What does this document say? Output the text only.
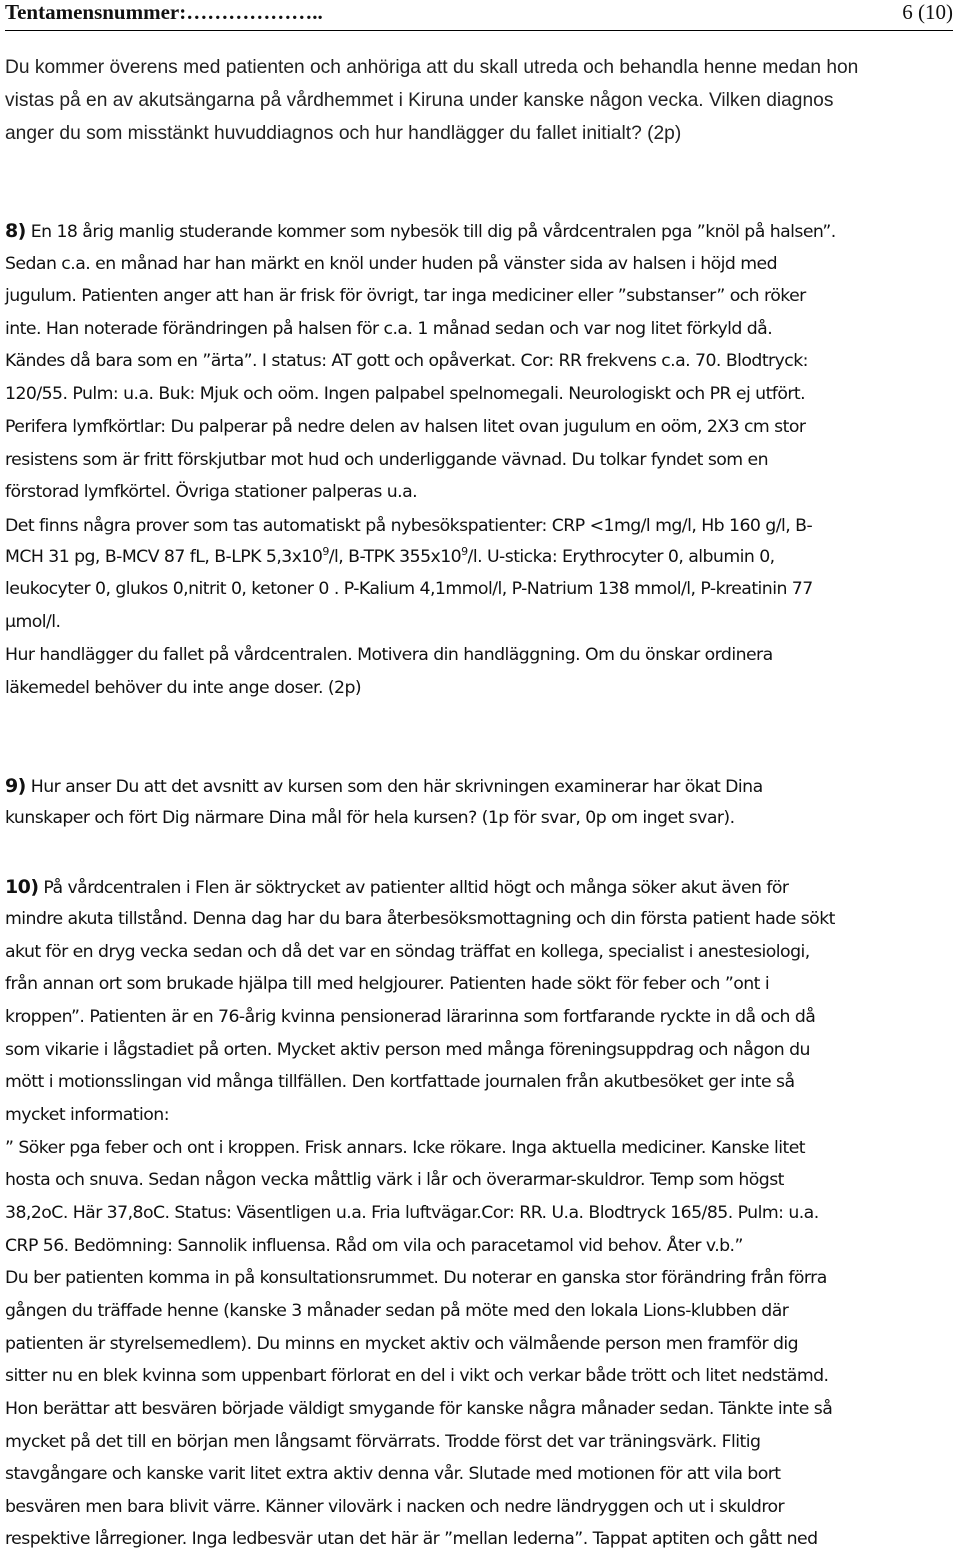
Tentamensnummer:………………..	6 (10)
Du kommer överens med patienten och anhöriga att du skall utreda och behandla henne medan hon
vistas på en av akutsängarna på vårdhemmet i Kiruna under kanske någon vecka. Vilken diagnos
anger du som misstänkt huvuddiagnos och hur handlägger du fallet initialt? (2p)
8) En 18 årig manlig studerande kommer som nybesök till dig på vårdcentralen pga ”knöl på halsen”.
Sedan c.a. en månad har han märkt en knöl under huden på vänster sida av halsen i höjd med
jugulum. Patienten anger att han är frisk för övrigt, tar inga mediciner eller ”substanser” och röker
inte. Han noterade förändringen på halsen för c.a. 1 månad sedan och var nog litet förkyld då.
Kändes då bara som en ”ärta”. I status: AT gott och opåverkat. Cor: RR frekvens c.a. 70. Blodtryck:
120/55. Pulm: u.a. Buk: Mjuk och oöm. Ingen palpabel spelnomegali. Neurologiskt och PR ej utfört.
Perifera lymfkörtlar: Du palperar på nedre delen av halsen litet ovan jugulum en oöm, 2X3 cm stor
resistens som är fritt förskjutbar mot hud och underliggande vävnad. Du tolkar fyndet som en
förstorad lymfkörtel. Övriga stationer palperas u.a.
Det finns några prover som tas automatiskt på nybesökspatienter: CRP <1mg/l mg/l, Hb 160 g/l, B-
MCH 31 pg, B-MCV 87 fL, B-LPK $5,3x10^9/l$, B-TPK $355x10^9/l$. U-sticka: Erythrocyter 0, albumin 0,
leukocyter 0, glukos 0,nitrit 0, ketoner 0 . P-Kalium 4,1mmol/l, P-Natrium 138 mmol/l, P-kreatinin 77
µmol/l.
Hur handlägger du fallet på vårdcentralen. Motivera din handläggning. Om du önskar ordinera
läkemedel behöver du inte ange doser. (2p)
9) Hur anser Du att det avsnitt av kursen som den här skrivningen examinerar har ökat Dina
kunskaper och fört Dig närmare Dina mål för hela kursen? (1p för svar, 0p om inget svar).
10) På vårdcentralen i Flen är söktrycket av patienter alltid högt och många söker akut även för
mindre akuta tillstånd. Denna dag har du bara återbesöksmottagning och din första patient hade sökt
akut för en dryg vecka sedan och då det var en söndag träffat en kollega, specialist i anestesiologi,
från annan ort som brukade hjälpa till med helgjourer. Patienten hade sökt för feber och ”ont i
kroppen”. Patienten är en 76-årig kvinna pensionerad lärarinna som fortfarande ryckte in då och då
som vikarie i lågstadiet på orten. Mycket aktiv person med många föreningsuppdrag och någon du
mött i motionsslingan vid många tillfällen. Den kortfattade journalen från akutbesöket ger inte så
mycket information:
” Söker pga feber och ont i kroppen. Frisk annars. Icke rökare. Inga aktuella mediciner. Kanske litet
hosta och snuva. Sedan någon vecka måttlig värk i lår och överarmar-skuldror. Temp som högst
38,2oC. Här 37,8oC. Status: Väsentligen u.a. Fria luftvägar.Cor: RR. U.a. Blodtryck 165/85. Pulm: u.a.
CRP 56. Bedömning: Sannolik influensa. Råd om vila och paracetamol vid behov. Åter v.b.”
Du ber patienten komma in på konsultationsrummet. Du noterar en ganska stor förändring från förra
gången du träffade henne (kanske 3 månader sedan på möte med den lokala Lions-klubben där
patienten är styrelsemedlem). Du minns en mycket aktiv och välmående person men framför dig
sitter nu en blek kvinna som uppenbart förlorat en del i vikt och verkar både trött och litet nedstämd.
Hon berättar att besvären började väldigt smygande för kanske några månader sedan. Tänkte inte så
mycket på det till en början men långsamt förvärrats. Trodde först det var träningsvärk. Flitig
stavgångare och kanske varit litet extra aktiv denna vår. Slutade med motionen för att vila bort
besvären men bara blivit värre. Känner vilovärk i nacken och nedre ländryggen och ut i skuldror
respektive lårregioner. Inga ledbesvär utan det här är ”mellan lederna”. Tappat aptiten och gått ned
